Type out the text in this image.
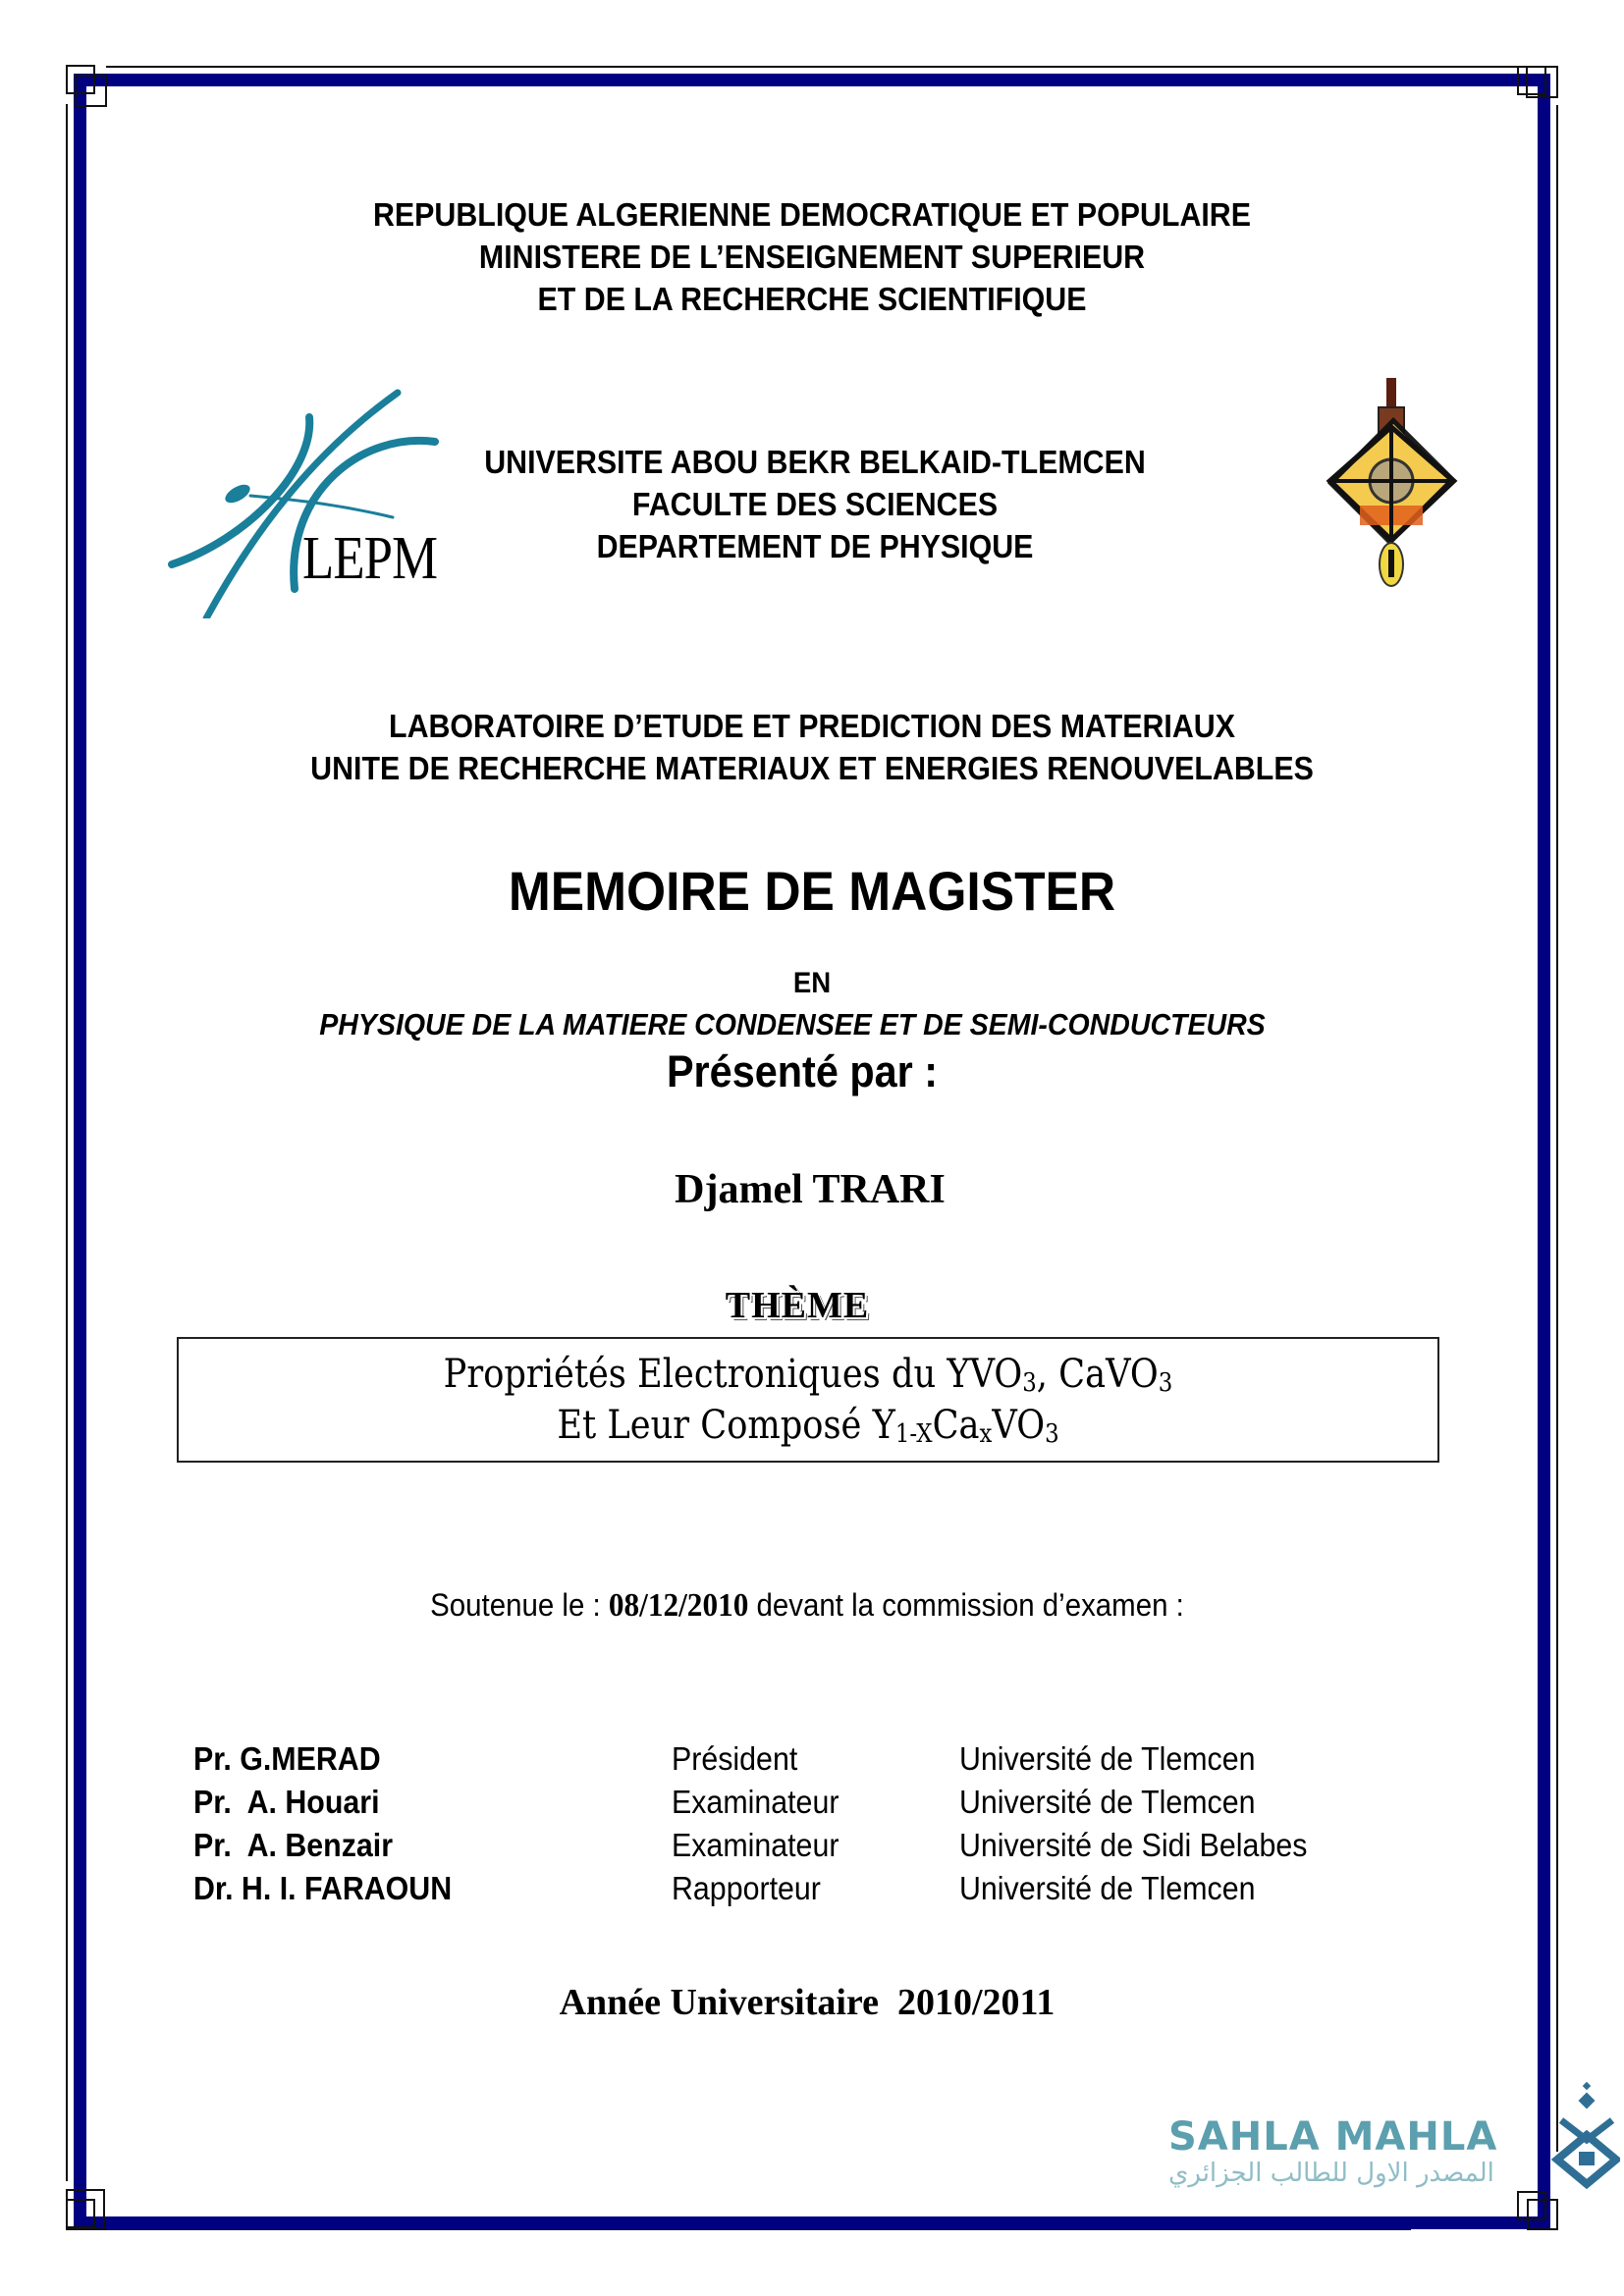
REPUBLIQUE ALGERIENNE DEMOCRATIQUE ET POPULAIRE
MINISTERE DE L’ENSEIGNEMENT SUPERIEUR
ET DE LA RECHERCHE SCIENTIFIQUE
LEPM
UNIVERSITE ABOU BEKR BELKAID-TLEMCEN
FACULTE DES SCIENCES
DEPARTEMENT DE PHYSIQUE
LABORATOIRE D’ETUDE ET PREDICTION DES MATERIAUX
UNITE DE RECHERCHE MATERIAUX ET ENERGIES RENOUVELABLES
MEMOIRE DE MAGISTER
EN
PHYSIQUE DE LA MATIERE CONDENSEE ET DE SEMI-CONDUCTEURS
Présenté par :
Djamel TRARI
THÈME
Propriétés Electroniques du $YVO_3$, CaVO$_3$
Et Leur Composé $Y_{1-X}Ca_xVO_3$
Soutenue le : 08/12/2010 devant la commission d’examen :
Pr. G.MERAD	Président	Université de Tlemcen
Pr.  A. Houari	Examinateur	Université de Tlemcen
Pr.  A. Benzair	Examinateur	Université de Sidi Belabes
Dr. H. I. FARAOUN	Rapporteur	Université de Tlemcen
Année Universitaire  2010/2011
SAHLA MAHLA
المصدر الاول للطالب الجزائري
